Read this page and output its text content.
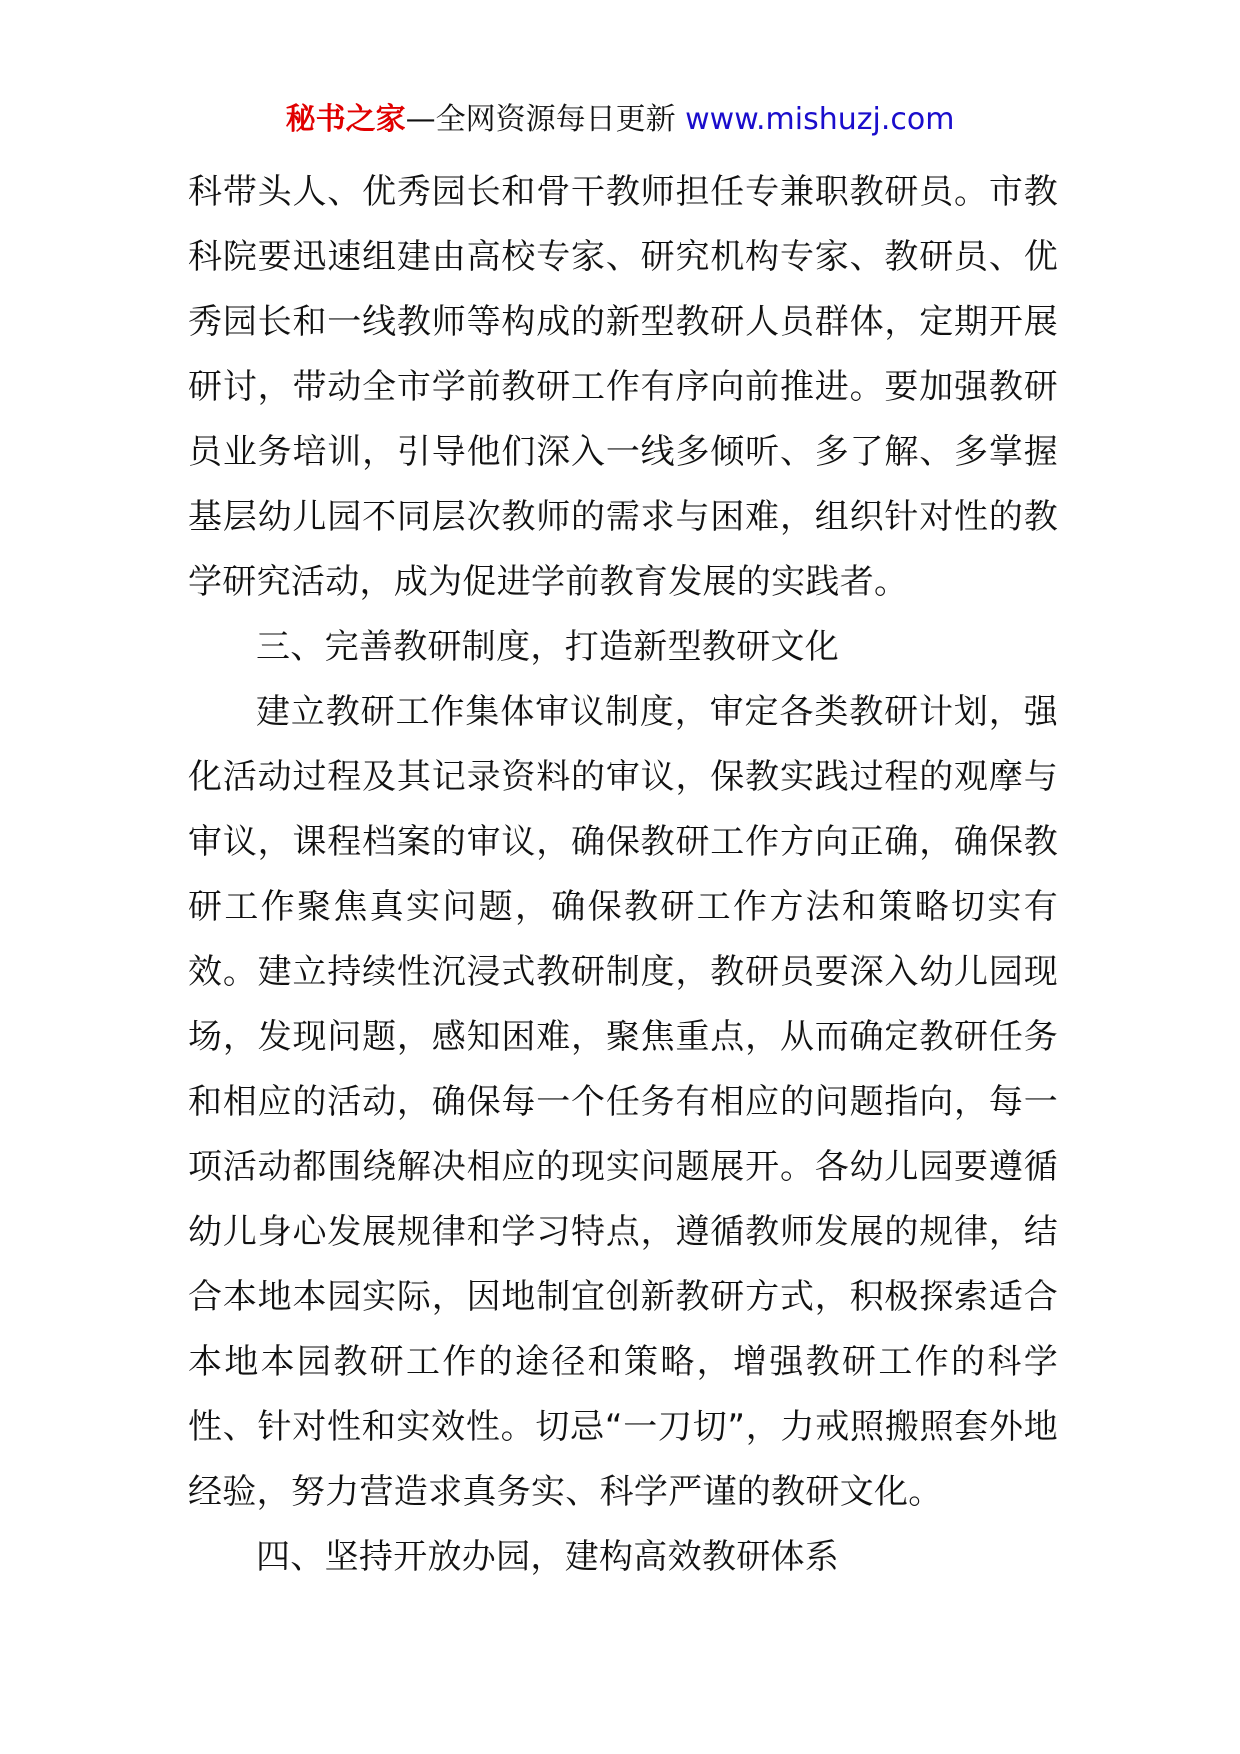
秘书之家—全网资源每日更新 www.mishuzj.com

科带头人、优秀园长和骨干教师担任专兼职教研员。市教科院要迅速组建由高校专家、研究机构专家、教研员、优秀园长和一线教师等构成的新型教研人员群体，定期开展研讨，带动全市学前教研工作有序向前推进。要加强教研员业务培训，引导他们深入一线多倾听、多了解、多掌握基层幼儿园不同层次教师的需求与困难，组织针对性的教学研究活动，成为促进学前教育发展的实践者。

三、完善教研制度，打造新型教研文化

建立教研工作集体审议制度，审定各类教研计划，强化活动过程及其记录资料的审议，保教实践过程的观摩与审议，课程档案的审议，确保教研工作方向正确，确保教研工作聚焦真实问题，确保教研工作方法和策略切实有效。建立持续性沉浸式教研制度，教研员要深入幼儿园现场，发现问题，感知困难，聚焦重点，从而确定教研任务和相应的活动，确保每一个任务有相应的问题指向，每一项活动都围绕解决相应的现实问题展开。各幼儿园要遵循幼儿身心发展规律和学习特点，遵循教师发展的规律，结合本地本园实际，因地制宜创新教研方式，积极探索适合本地本园教研工作的途径和策略，增强教研工作的科学性、针对性和实效性。切忌“一刀切”，力戒照搬照套外地经验，努力营造求真务实、科学严谨的教研文化。

四、坚持开放办园，建构高效教研体系
